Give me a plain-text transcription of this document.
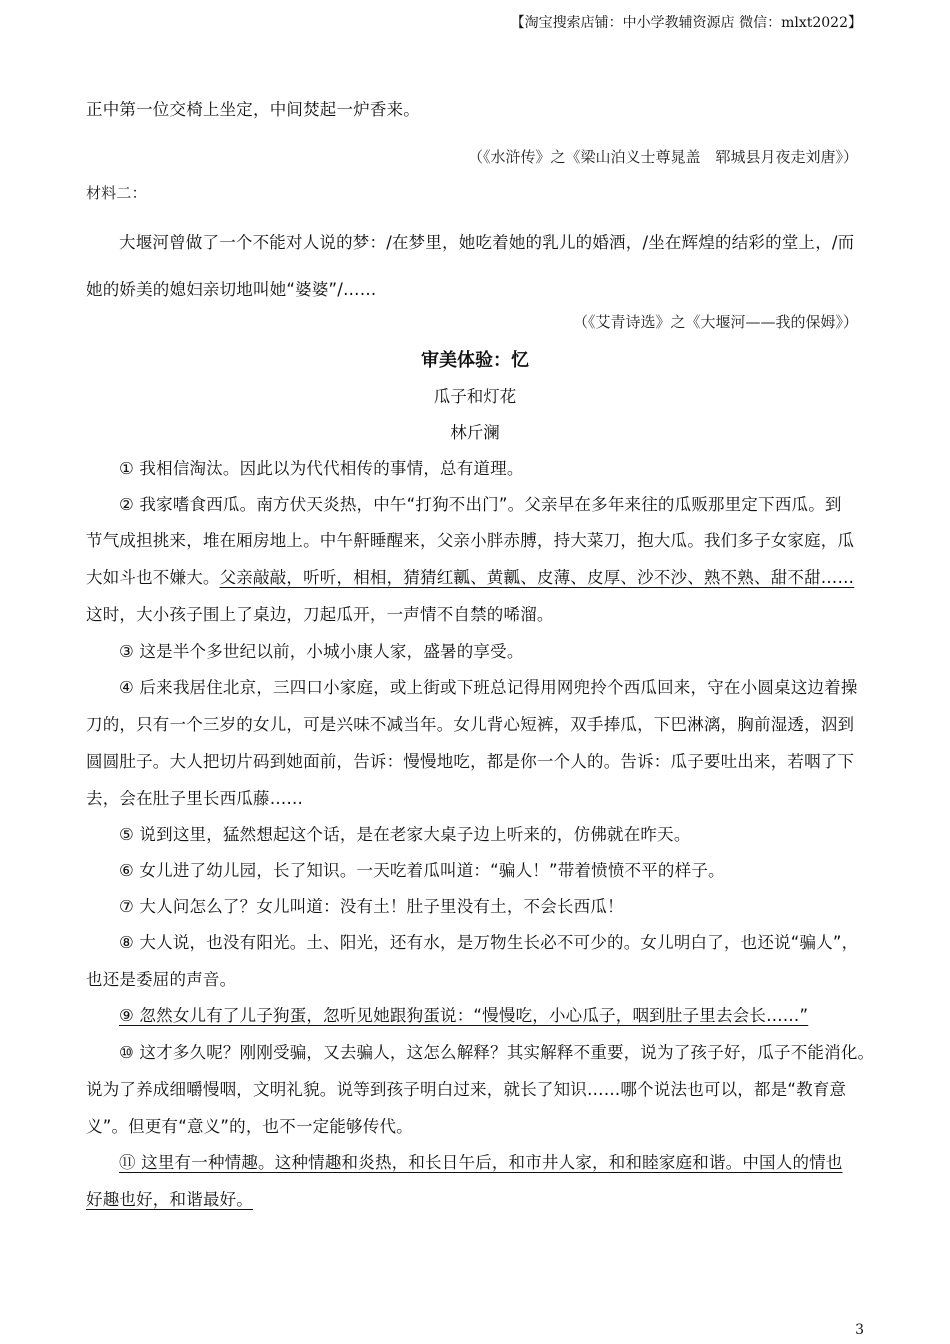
【淘宝搜索店铺：中小学教辅资源店 微信：mlxt2022】
正中第一位交椅上坐定，中间焚起一炉香来。
（《水浒传》之《梁山泊义士尊晁盖　郓城县月夜走刘唐》）
材料二：
大堰河曾做了一个不能对人说的梦：/在梦里，她吃着她的乳儿的婚酒，/坐在辉煌的结彩的堂上，/而
她的娇美的媳妇亲切地叫她“婆婆”/……
（《艾青诗选》之《大堰河——我的保姆》）
审美体验：忆
瓜子和灯花
林斤澜
① 我相信淘汰。因此以为代代相传的事情，总有道理。
② 我家嗜食西瓜。南方伏天炎热，中午“打狗不出门”。父亲早在多年来往的瓜贩那里定下西瓜。到
节气成担挑来，堆在厢房地上。中午鼾睡醒来，父亲小胖赤膊，持大菜刀，抱大瓜。我们多子女家庭，瓜
大如斗也不嫌大。父亲敲敲，听听，相相，猜猜红瓤、黄瓤、皮薄、皮厚、沙不沙、熟不熟、甜不甜……
这时，大小孩子围上了桌边，刀起瓜开，一声情不自禁的唏溜。
③ 这是半个多世纪以前，小城小康人家，盛暑的享受。
④ 后来我居住北京，三四口小家庭，或上街或下班总记得用网兜拎个西瓜回来，守在小圆桌这边着操
刀的，只有一个三岁的女儿，可是兴味不减当年。女儿背心短裤，双手捧瓜，下巴淋漓，胸前湿透，泅到
圆圆肚子。大人把切片码到她面前，告诉：慢慢地吃，都是你一个人的。告诉：瓜子要吐出来，若咽了下
去，会在肚子里长西瓜藤……
⑤ 说到这里，猛然想起这个话，是在老家大桌子边上听来的，仿佛就在昨天。
⑥ 女儿进了幼儿园，长了知识。一天吃着瓜叫道：“骗人！”带着愤愤不平的样子。
⑦ 大人问怎么了？女儿叫道：没有土！肚子里没有土，不会长西瓜！
⑧ 大人说，也没有阳光。土、阳光，还有水，是万物生长必不可少的。女儿明白了，也还说“骗人”，
也还是委屈的声音。
⑨ 忽然女儿有了儿子狗蛋，忽听见她跟狗蛋说：“慢慢吃，小心瓜子，咽到肚子里去会长……”
⑩ 这才多久呢？刚刚受骗，又去骗人，这怎么解释？其实解释不重要，说为了孩子好，瓜子不能消化。
说为了养成细嚼慢咽，文明礼貌。说等到孩子明白过来，就长了知识……哪个说法也可以，都是“教育意
义”。但更有“意义”的，也不一定能够传代。
⑪ 这里有一种情趣。这种情趣和炎热，和长日午后，和市井人家，和和睦家庭和谐。中国人的情也
好趣也好，和谐最好。
3
